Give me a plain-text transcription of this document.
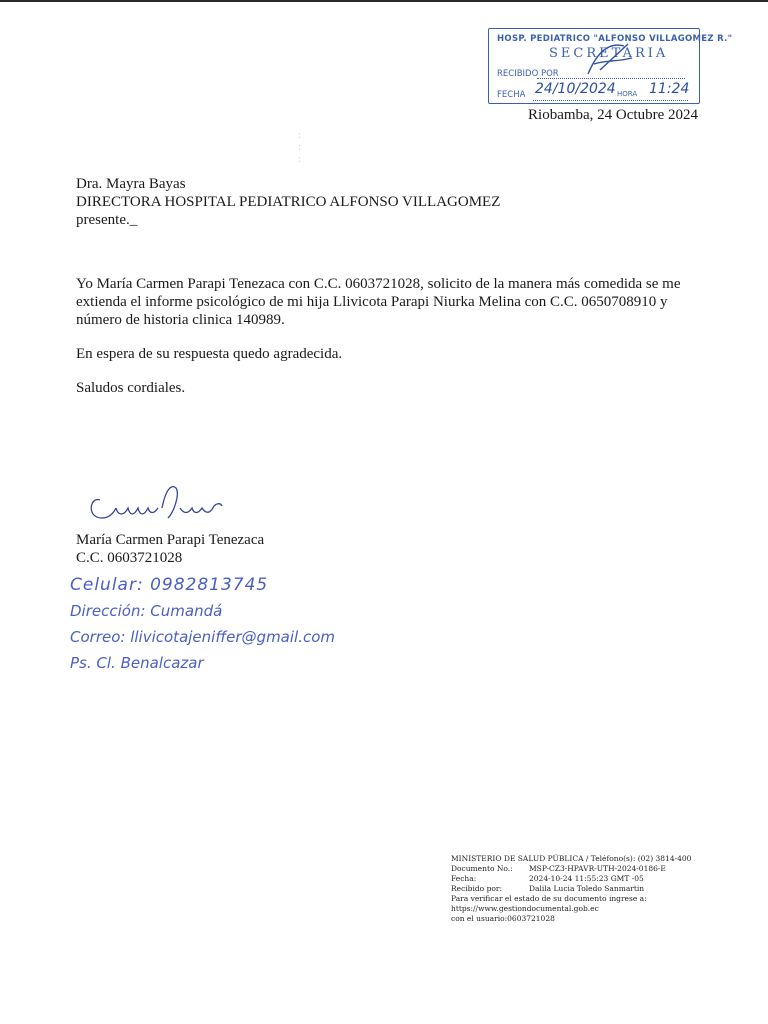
HOSP. PEDIATRICO "ALFONSO VILLAGOMEZ R."
SECRETARIA
RECIBIDO POR
FECHA 24/10/2024 HORA 11:24
Riobamba, 24 Octubre 2024
:
:
:
Dra. Mayra Bayas
DIRECTORA HOSPITAL PEDIATRICO ALFONSO VILLAGOMEZ
presente._

Yo María Carmen Parapi Tenezaca con C.C. 0603721028, solicito de la manera más comedida se me extienda el informe psicológico de mi hija Llivicota Parapi Niurka Melina con C.C. 0650708910 y número de historia clinica 140989.

En espera de su respuesta quedo agradecida.

Saludos cordiales.

María Carmen Parapi Tenezaca
C.C. 0603721028
Celular: 0982813745
Dirección: Cumandá
Correo: llivicotajeniffer@gmail.com
Ps. Cl. Benalcazar
MINISTERIO DE SALUD PÚBLICA / Teléfono(s): (02) 3814-400
Documento No.:	MSP-CZ3-HPAVR-UTH-2024-0186-E
Fecha:	2024-10-24 11:55:23 GMT -05
Recibido por:	Dalila Lucia Toledo Sanmartin
Para verificar el estado de su documento ingrese a:
https://www.gestiondocumental.gob.ec
con el usuario:0603721028
